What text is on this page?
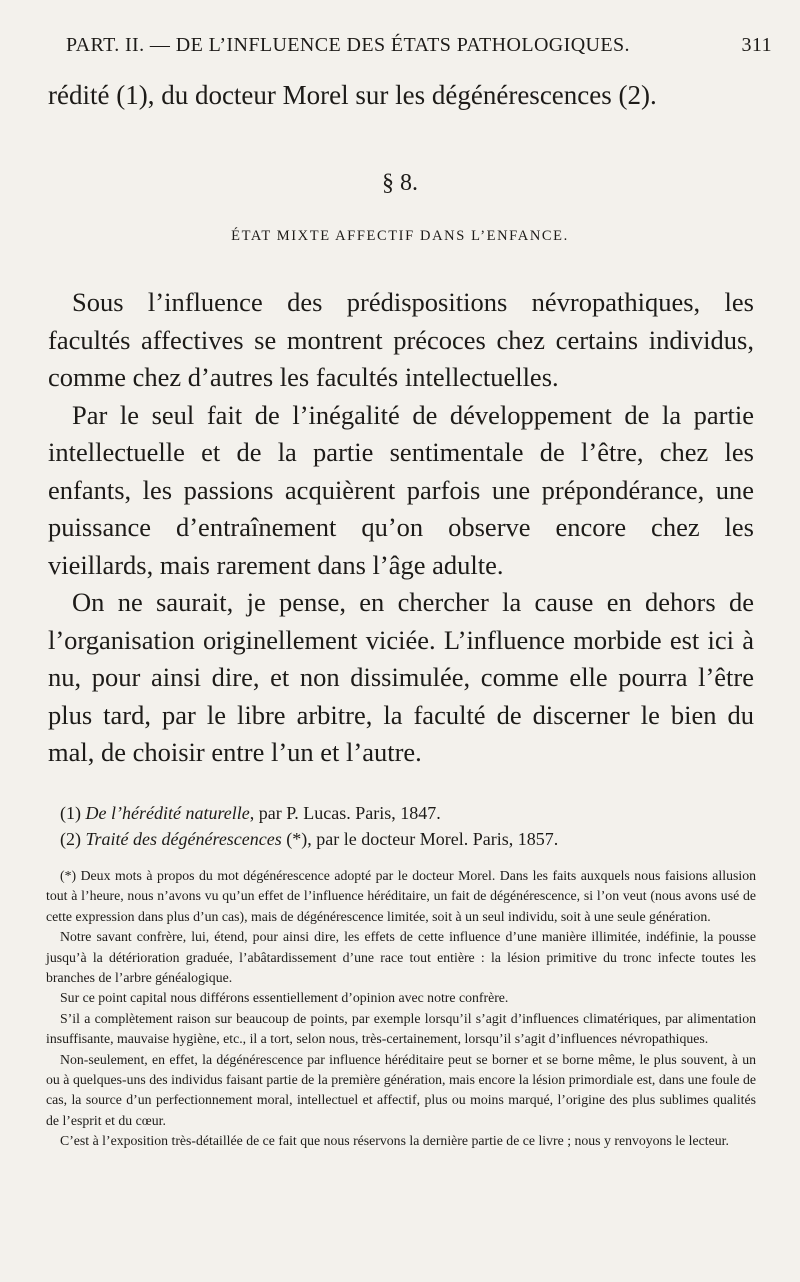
PART. II. — DE L’INFLUENCE DES ÉTATS PATHOLOGIQUES.	311
rédité (1), du docteur Morel sur les dégénérescences (2).
§ 8.
ÉTAT MIXTE AFFECTIF DANS L’ENFANCE.

Sous l’influence des prédispositions névropathiques, les facultés affectives se montrent précoces chez certains individus, comme chez d’autres les facultés intellectuelles.

Par le seul fait de l’inégalité de développement de la partie intellectuelle et de la partie sentimentale de l’être, chez les enfants, les passions acquièrent parfois une prépondérance, une puissance d’entraînement qu’on observe encore chez les vieillards, mais rarement dans l’âge adulte.

On ne saurait, je pense, en chercher la cause en dehors de l’organisation originellement viciée. L’influence morbide est ici à nu, pour ainsi dire, et non dissimulée, comme elle pourra l’être plus tard, par le libre arbitre, la faculté de discerner le bien du mal, de choisir entre l’un et l’autre.

(1) De l’hérédité naturelle, par P. Lucas. Paris, 1847.

(2) Traité des dégénérescences (*), par le docteur Morel. Paris, 1857.

(*) Deux mots à propos du mot dégénérescence adopté par le docteur Morel. Dans les faits auxquels nous faisions allusion tout à l’heure, nous n’avons vu qu’un effet de l’influence héréditaire, un fait de dégénérescence, si l’on veut (nous avons usé de cette expression dans plus d’un cas), mais de dégénérescence limitée, soit à un seul individu, soit à une seule génération.

Notre savant confrère, lui, étend, pour ainsi dire, les effets de cette influence d’une manière illimitée, indéfinie, la pousse jusqu’à la détérioration graduée, l’abâtardissement d’une race tout entière : la lésion primitive du tronc infecte toutes les branches de l’arbre généalogique.

Sur ce point capital nous différons essentiellement d’opinion avec notre confrère.

S’il a complètement raison sur beaucoup de points, par exemple lorsqu’il s’agit d’influences climatériques, par alimentation insuffisante, mauvaise hygiène, etc., il a tort, selon nous, très-certainement, lorsqu’il s’agit d’influences névropathiques.

Non-seulement, en effet, la dégénérescence par influence héréditaire peut se borner et se borne même, le plus souvent, à un ou à quelques-uns des individus faisant partie de la première génération, mais encore la lésion primordiale est, dans une foule de cas, la source d’un perfectionnement moral, intellectuel et affectif, plus ou moins marqué, l’origine des plus sublimes qualités de l’esprit et du cœur.

C’est à l’exposition très-détaillée de ce fait que nous réservons la dernière partie de ce livre ; nous y renvoyons le lecteur.
